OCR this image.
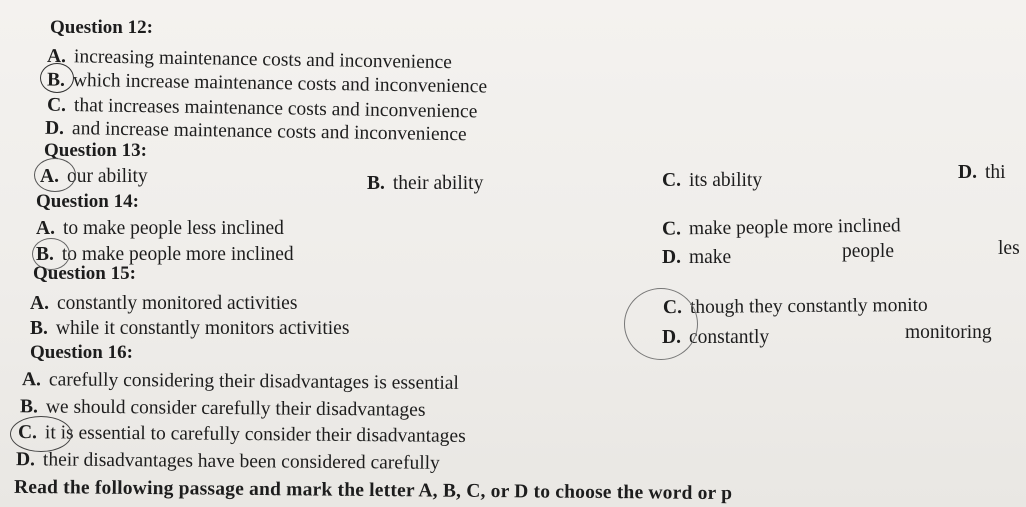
Question 12:
A. increasing maintenance costs and inconvenience
B. which increase maintenance costs and inconvenience
C. that increases maintenance costs and inconvenience
D. and increase maintenance costs and inconvenience
Question 13:
A. our ability	B. their ability	C. its ability	D. thi
Question 14:
A. to make people less inclined
B. to make people more inclined
C. make people more inclined
D. make	people	les
Question 15:
A. constantly monitored activities
B. while it constantly monitors activities
C. though they constantly monito
D. constantly	monitoring
Question 16:
A. carefully considering their disadvantages is essential
B. we should consider carefully their disadvantages
C. it is essential to carefully consider their disadvantages
D. their disadvantages have been considered carefully
Read the following passage and mark the letter A, B, C, or D to choose the word or p
